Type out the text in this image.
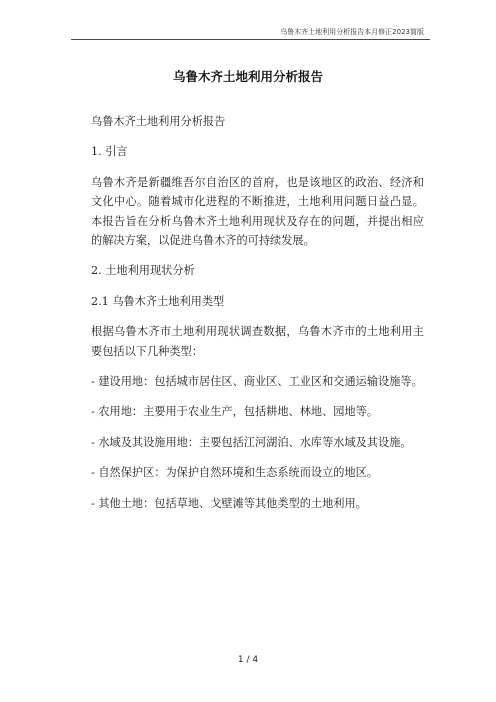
乌鲁木齐土地利用分析报告本月修正2023简版
乌鲁木齐土地利用分析报告

乌鲁木齐土地利用分析报告

1. 引言

乌鲁木齐是新疆维吾尔自治区的首府，也是该地区的政治、经济和文化中心。随着城市化进程的不断推进，土地利用问题日益凸显。本报告旨在分析乌鲁木齐土地利用现状及存在的问题，并提出相应的解决方案，以促进乌鲁木齐的可持续发展。

2. 土地利用现状分析

2.1 乌鲁木齐土地利用类型

根据乌鲁木齐市土地利用现状调查数据，乌鲁木齐市的土地利用主要包括以下几种类型：

- 建设用地：包括城市居住区、商业区、工业区和交通运输设施等。

- 农用地：主要用于农业生产，包括耕地、林地、园地等。

- 水域及其设施用地：主要包括江河湖泊、水库等水域及其设施。

- 自然保护区：为保护自然环境和生态系统而设立的地区。

- 其他土地：包括草地、戈壁滩等其他类型的土地利用。

1 / 4
